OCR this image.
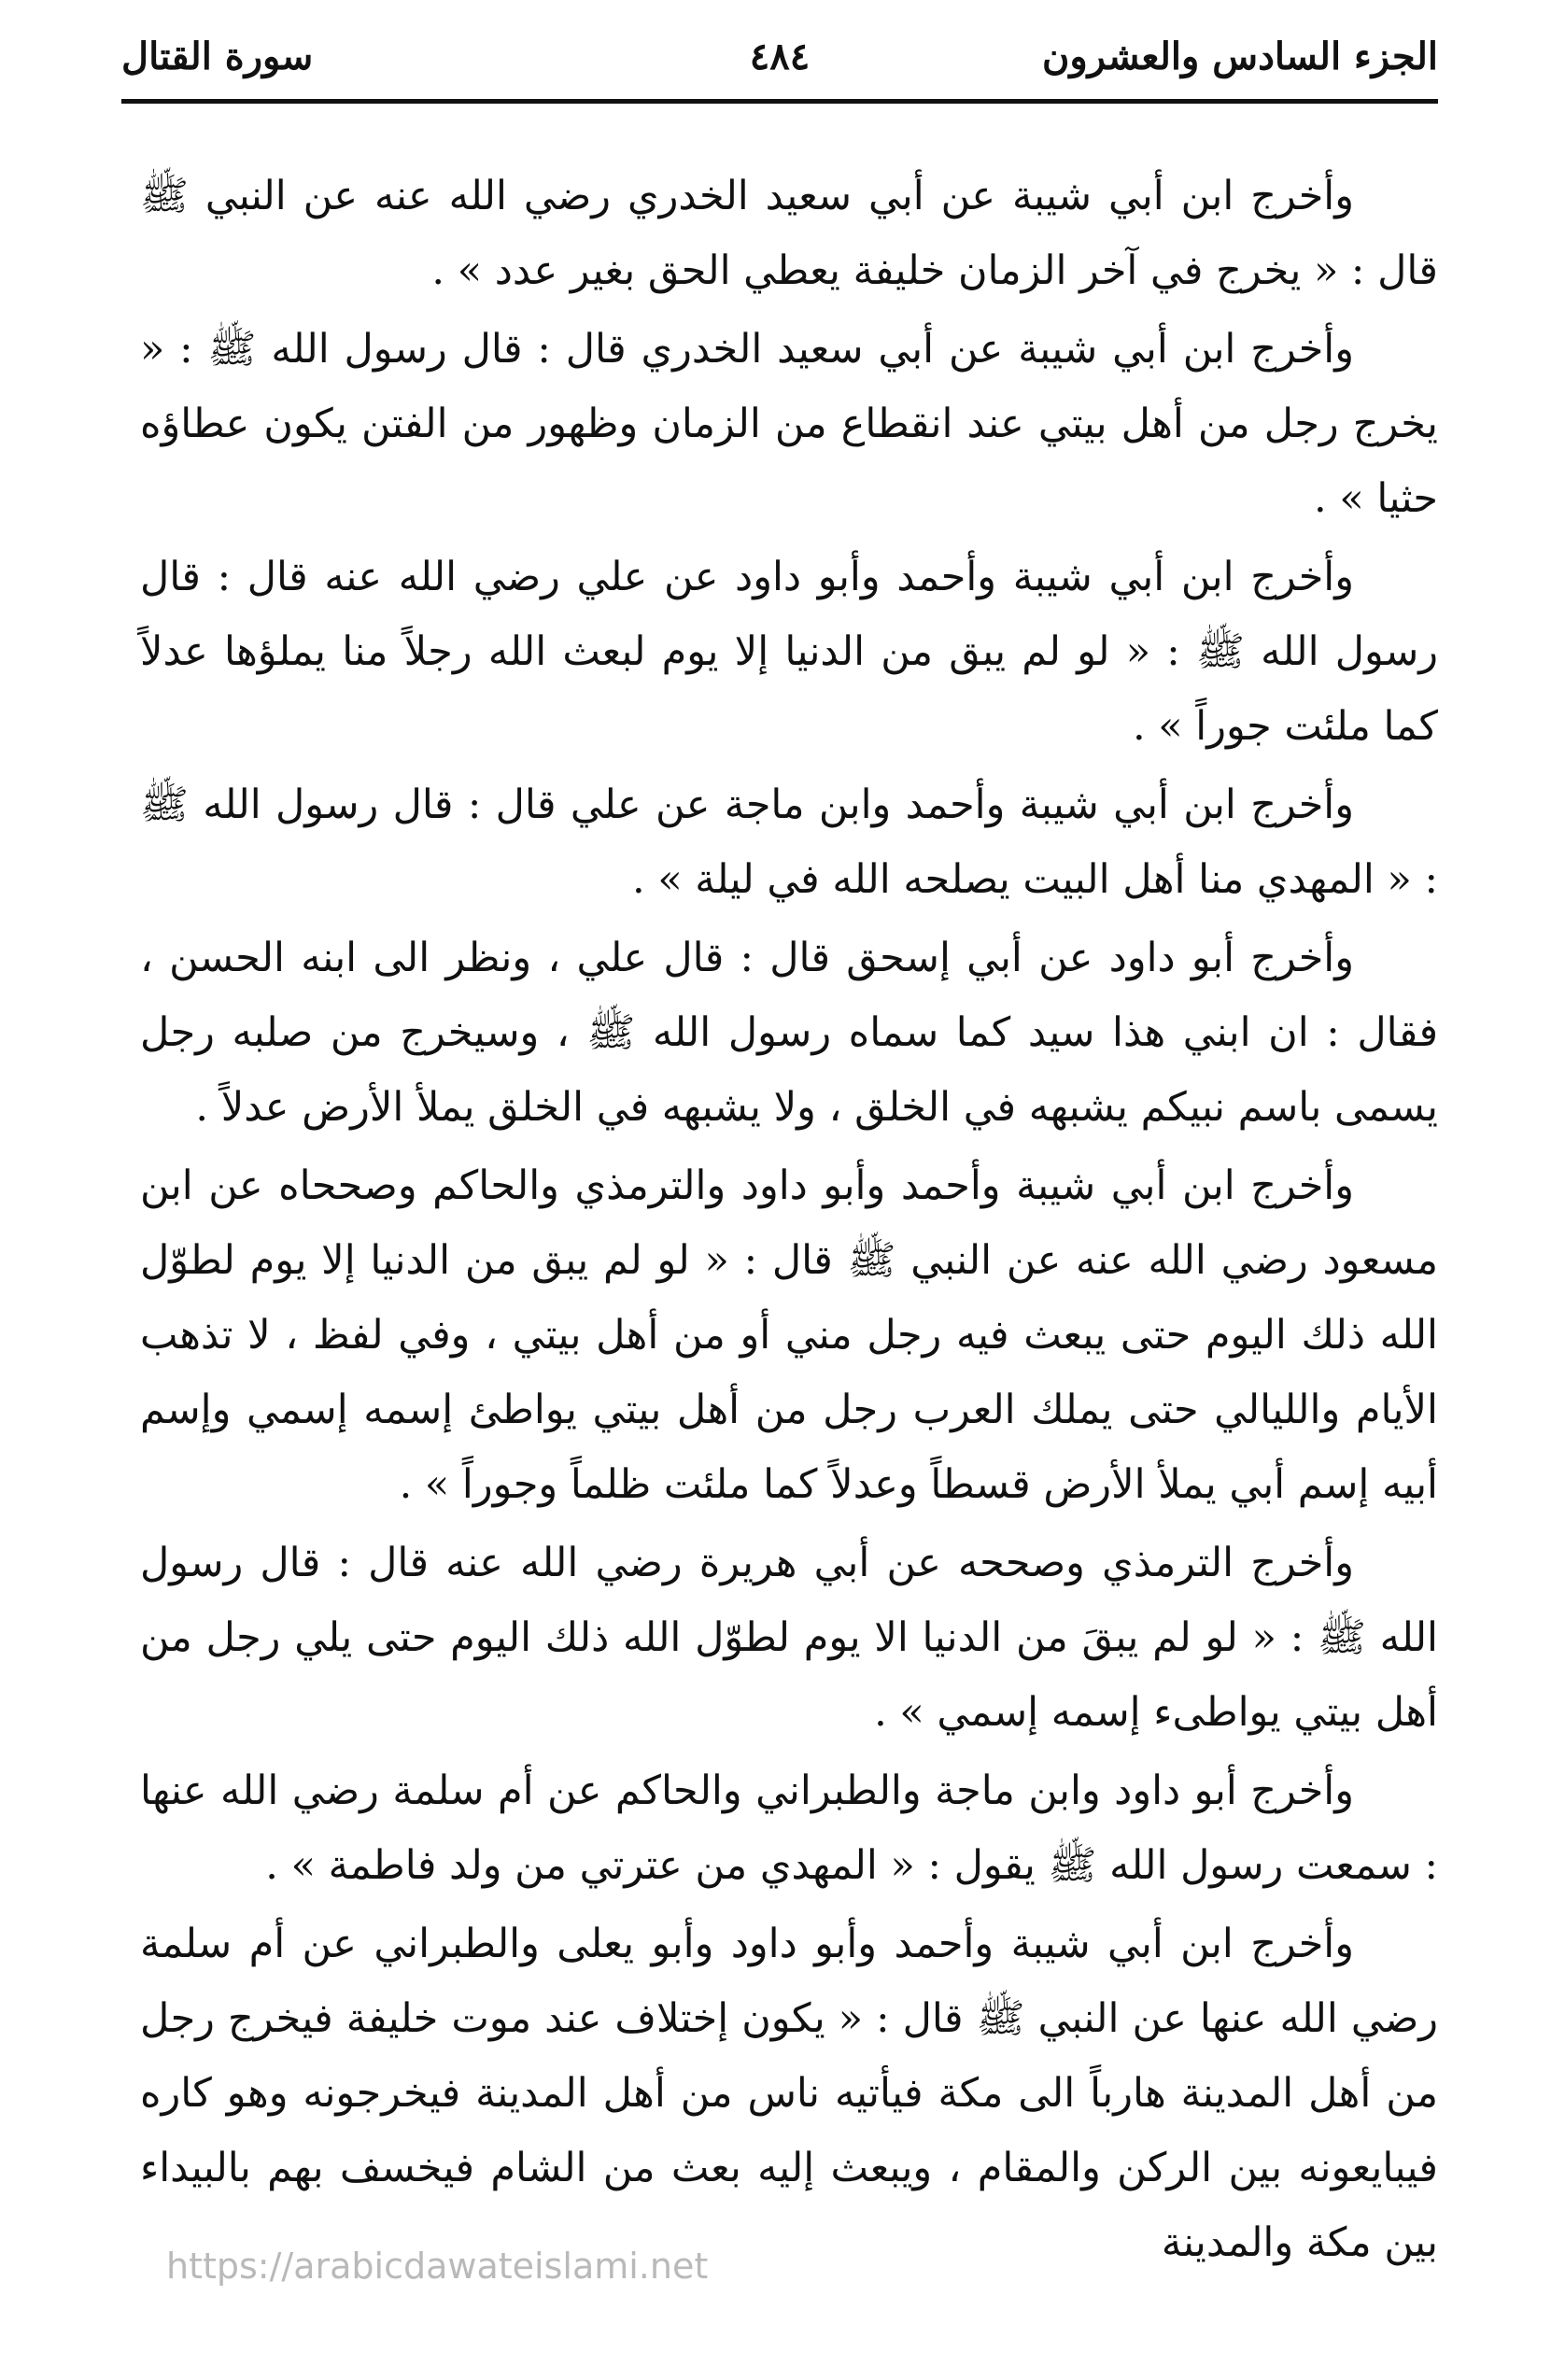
الجزء السادس والعشرون
٤٨٤
سورة القتال

وأخرج ابن أبي شيبة عن أبي سعيد الخدري رضي الله عنه عن النبي ﷺ قال : « يخرج في آخر الزمان خليفة يعطي الحق بغير عدد » .

وأخرج ابن أبي شيبة عن أبي سعيد الخدري قال : قال رسول الله ﷺ : « يخرج رجل من أهل بيتي عند انقطاع من الزمان وظهور من الفتن يكون عطاؤه حثيا » .

وأخرج ابن أبي شيبة وأحمد وأبو داود عن علي رضي الله عنه قال : قال رسول الله ﷺ : « لو لم يبق من الدنيا إلا يوم لبعث الله رجلاً منا يملؤها عدلاً كما ملئت جوراً » .

وأخرج ابن أبي شيبة وأحمد وابن ماجة عن علي قال : قال رسول الله ﷺ : « المهدي منا أهل البيت يصلحه الله في ليلة » .

وأخرج أبو داود عن أبي إسحق قال : قال علي ، ونظر الى ابنه الحسن ، فقال : ان ابني هذا سيد كما سماه رسول الله ﷺ ، وسيخرج من صلبه رجل يسمى باسم نبيكم يشبهه في الخلق ، ولا يشبهه في الخلق يملأ الأرض عدلاً .

وأخرج ابن أبي شيبة وأحمد وأبو داود والترمذي والحاكم وصححاه عن ابن مسعود رضي الله عنه عن النبي ﷺ قال : « لو لم يبق من الدنيا إلا يوم لطوّل الله ذلك اليوم حتى يبعث فيه رجل مني أو من أهل بيتي ، وفي لفظ ، لا تذهب الأيام والليالي حتى يملك العرب رجل من أهل بيتي يواطئ إسمه إسمي وإسم أبيه إسم أبي يملأ الأرض قسطاً وعدلاً كما ملئت ظلماً وجوراً » .

وأخرج الترمذي وصححه عن أبي هريرة رضي الله عنه قال : قال رسول الله ﷺ : « لو لم يبقَ من الدنيا الا يوم لطوّل الله ذلك اليوم حتى يلي رجل من أهل بيتي يواطىء إسمه إسمي » .

وأخرج أبو داود وابن ماجة والطبراني والحاكم عن أم سلمة رضي الله عنها : سمعت رسول الله ﷺ يقول : « المهدي من عترتي من ولد فاطمة » .

وأخرج ابن أبي شيبة وأحمد وأبو داود وأبو يعلى والطبراني عن أم سلمة رضي الله عنها عن النبي ﷺ قال : « يكون إختلاف عند موت خليفة فيخرج رجل من أهل المدينة هارباً الى مكة فيأتيه ناس من أهل المدينة فيخرجونه وهو كاره فيبايعونه بين الركن والمقام ، ويبعث إليه بعث من الشام فيخسف بهم بالبيداء بين مكة والمدينة

https://arabicdawateislami.net
